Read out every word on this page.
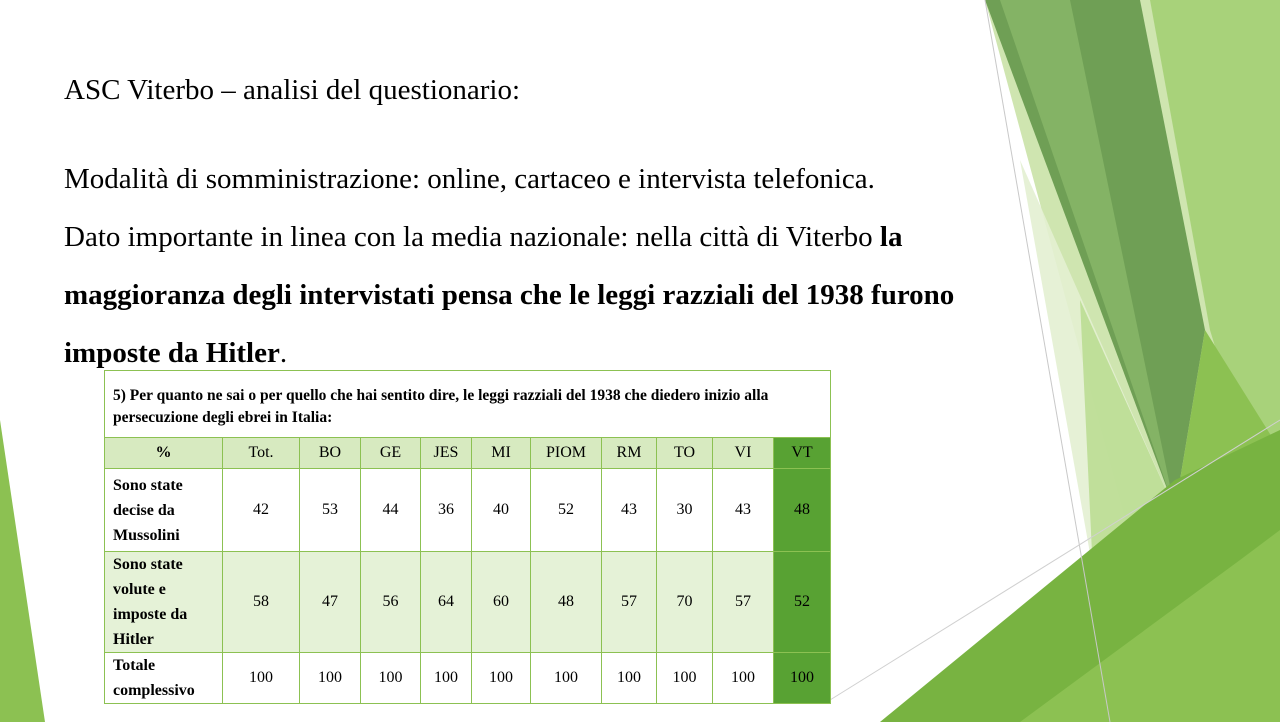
ASC Viterbo – analisi del questionario:

Modalità di somministrazione: online, cartaceo e intervista telefonica.

Dato importante in linea con la media nazionale: nella città di Viterbo la maggioranza degli intervistati pensa che le leggi razziali del 1938 furono imposte da Hitler.

5) Per quanto ne sai o per quello che hai sentito dire, le leggi razziali del 1938 che diedero inizio alla persecuzione degli ebrei in Italia:										
%	Tot.	BO	GE	JES	MI	PIOM	RM	TO	VI	VT
Sono state decise da Mussolini	42	53	44	36	40	52	43	30	43	48
Sono state volute e imposte da Hitler	58	47	56	64	60	48	57	70	57	52
Totale complessivo	100	100	100	100	100	100	100	100	100	100
